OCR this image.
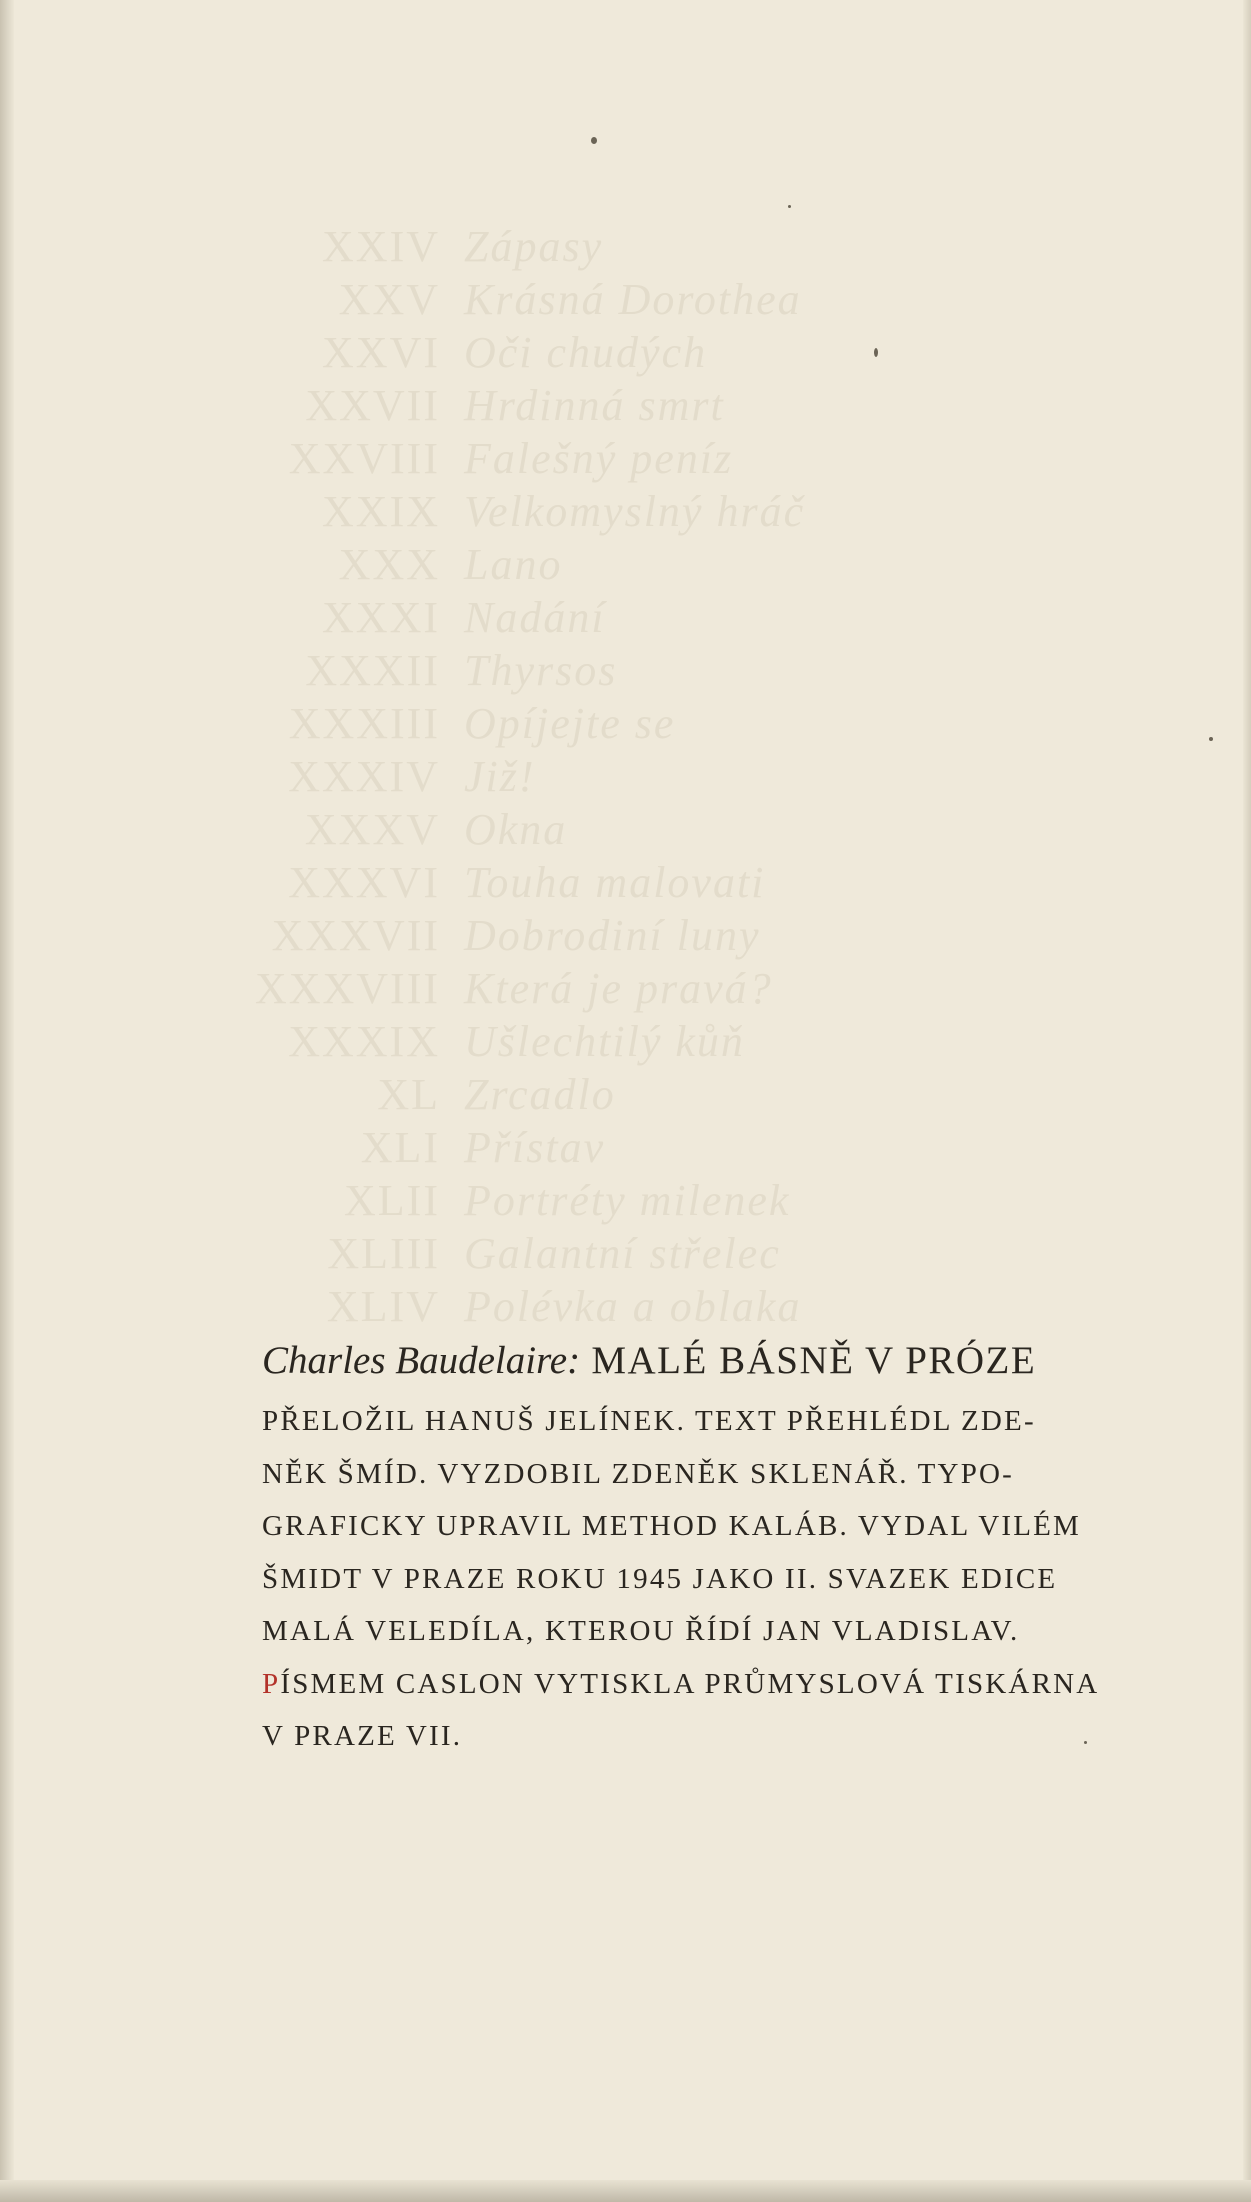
XXIV Zápasy
XXV Krásná Dorothea
XXVI Oči chudých
XXVII Hrdinná smrt
XXVIII Falešný peníz
XXIX Velkomyslný hráč
XXX Lano
XXXI Nadání
XXXII Thyrsos
XXXIII Opíjejte se
XXXIV Již!
XXXV Okna
XXXVI Touha malovati
XXXVII Dobrodiní luny
XXXVIII Která je pravá?
XXXIX Ušlechtilý kůň
XL Zrcadlo
XLI Přístav
XLII Portréty milenek
XLIII Galantní střelec
XLIV Polévka a oblaka
Charles Baudelaire: MALÉ BÁSNĚ V PRÓZE
PŘELOŽIL HANUŠ JELÍNEK. TEXT PŘEHLÉDL ZDE-
NĚK ŠMÍD. VYZDOBIL ZDENĚK SKLENÁŘ. TYPO-
GRAFICKY UPRAVIL METHOD KALÁB. VYDAL VILÉM
ŠMIDT V PRAZE ROKU 1945 JAKO II. SVAZEK EDICE
MALÁ VELEDÍLA, KTEROU ŘÍDÍ JAN VLADISLAV.
PÍSMEM CASLON VYTISKLA PRŮMYSLOVÁ TISKÁRNA
V PRAZE VII.
